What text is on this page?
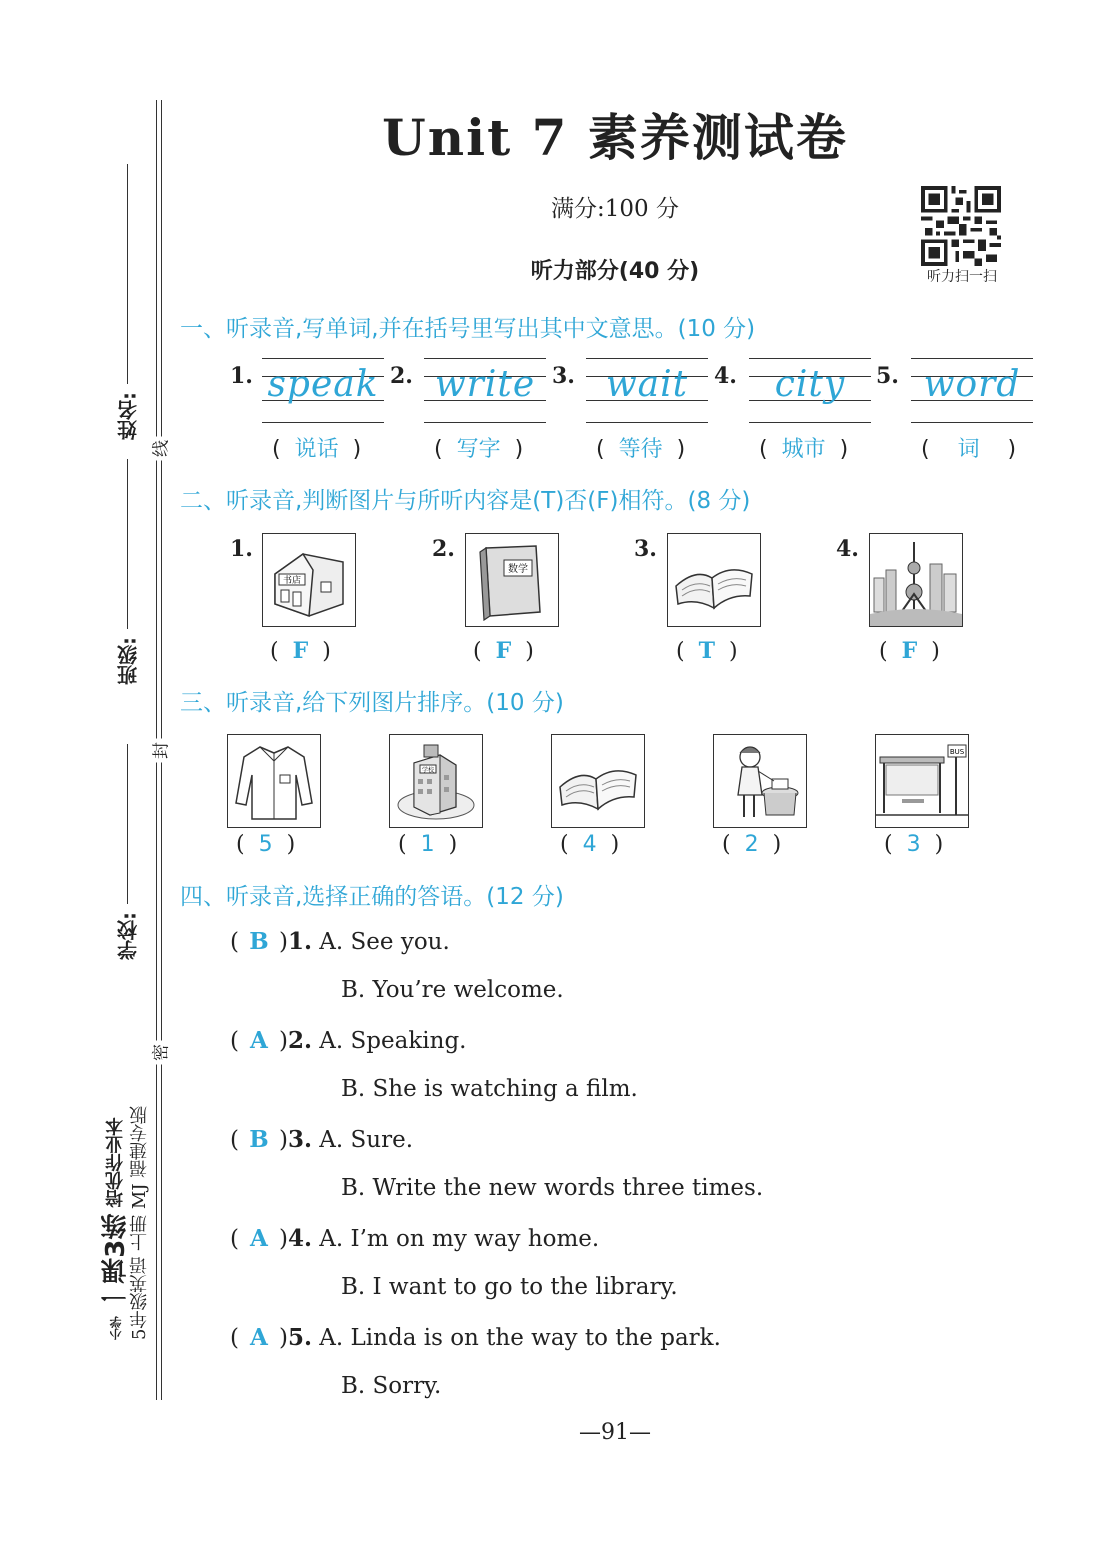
线
封
密
姓名:
班级:
学校:
小学 一课3练 培优作业本 5年级英语 上册 MJ 福建专版
Unit 7 素养测试卷
满分:100 分
听力部分(40 分)	听力扫一扫
一、听录音,写单词,并在括号里写出其中文意思。(10 分)
1. speak
(  说话  )
2. write
(  写字  )
3. wait
(  等待  )
4.	city
(  城市  )
5. word
(    词    )
二、听录音,判断图片与所听内容是(T)否(F)相符。(8 分)
1.
书店
(  F  )
2.
数学
(  F  )
3.
(  T  )
4.
(  F  )
三、听录音,给下列图片排序。(10 分)
(  5  )
学校
(  1  )	(  4  )	(  2  )
BUS
(  3  )
四、听录音,选择正确的答语。(12 分)
( B )1. A. See you.
B. You’re welcome.
( A )2. A. Speaking.
B. She is watching a film.
( B )3. A. Sure.
B. Write the new words three times.
( A )4. A. I’m on my way home.
B. I want to go to the library.
( A )5. A. Linda is on the way to the park.
B. Sorry.
—91—
